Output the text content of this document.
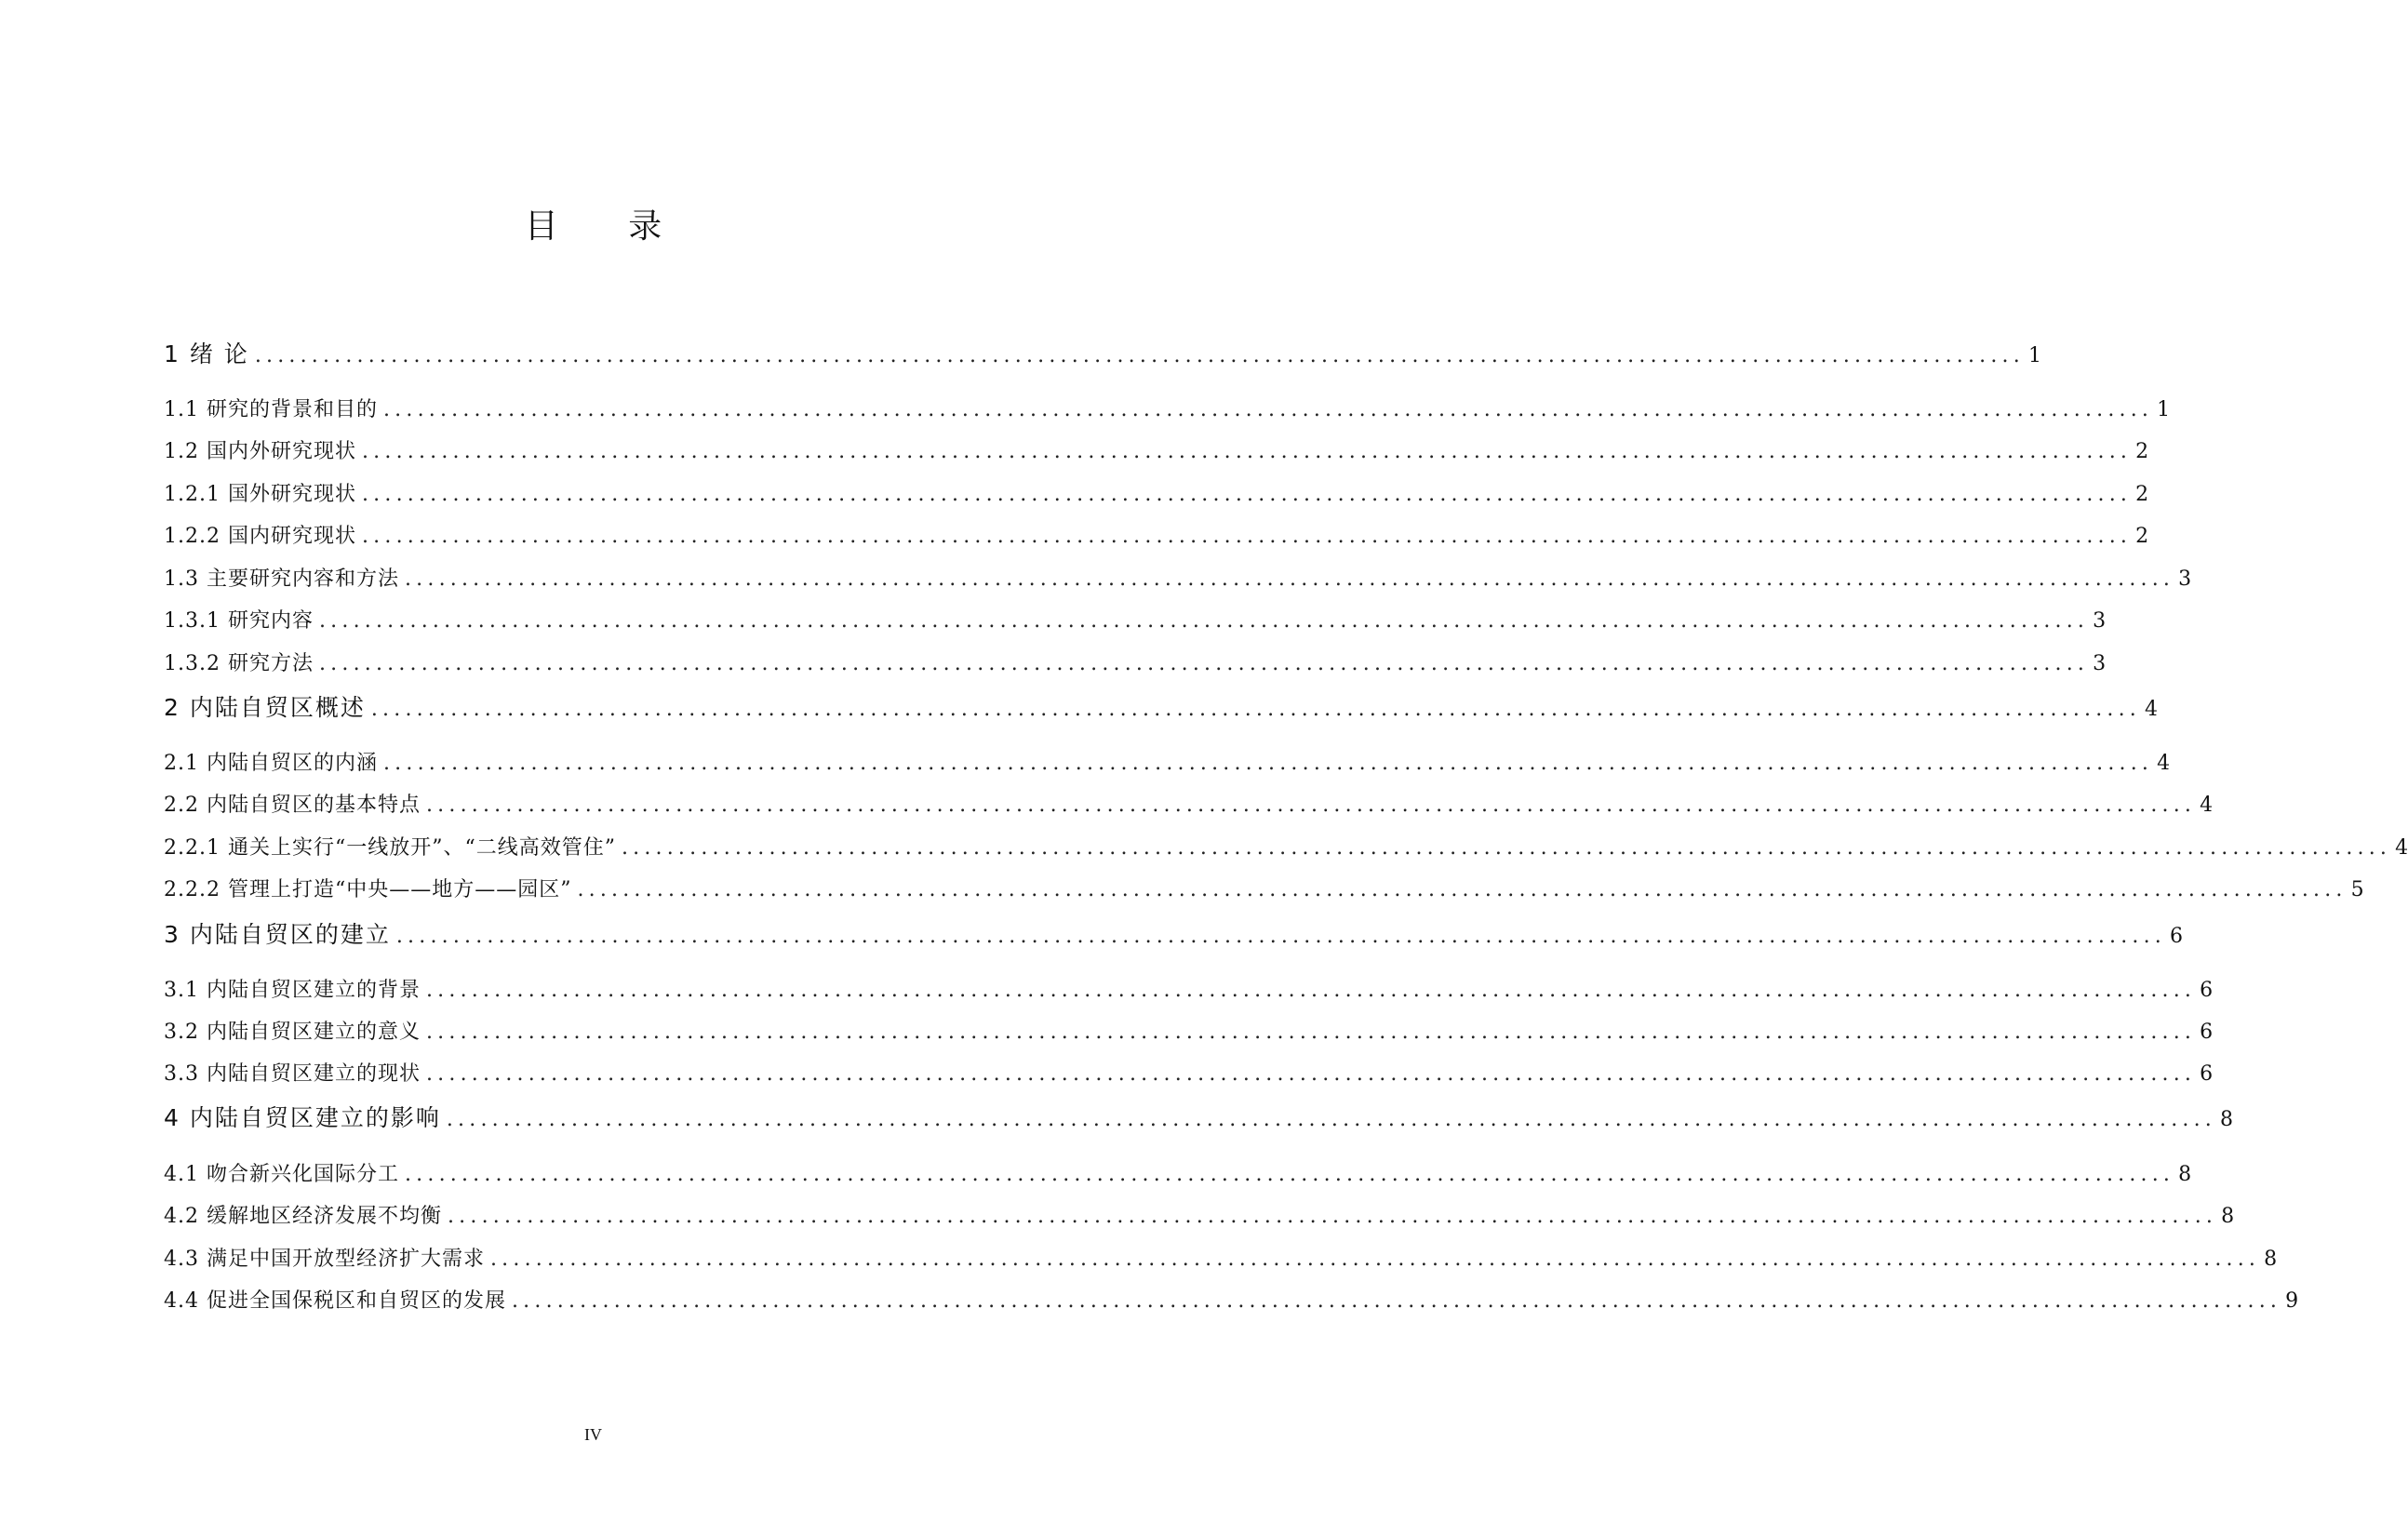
目 录
1 绪 论 ............................................................................................................................................................ 1
1.1 研究的背景和目的 ............................................................................................................................................................ 1
1.2 国内外研究现状 ............................................................................................................................................................ 2
1.2.1 国外研究现状 ............................................................................................................................................................ 2
1.2.2 国内研究现状 ............................................................................................................................................................ 2
1.3 主要研究内容和方法 ............................................................................................................................................................ 3
1.3.1 研究内容 ............................................................................................................................................................ 3
1.3.2 研究方法 ............................................................................................................................................................ 3
2 内陆自贸区概述 ............................................................................................................................................................ 4
2.1 内陆自贸区的内涵 ............................................................................................................................................................ 4
2.2 内陆自贸区的基本特点 ............................................................................................................................................................ 4
2.2.1 通关上实行“一线放开”、“二线高效管住” ............................................................................................................................................................ 4
2.2.2 管理上打造“中央——地方——园区” ............................................................................................................................................................ 5
3 内陆自贸区的建立 ............................................................................................................................................................ 6
3.1 内陆自贸区建立的背景 ............................................................................................................................................................ 6
3.2 内陆自贸区建立的意义 ............................................................................................................................................................ 6
3.3 内陆自贸区建立的现状 ............................................................................................................................................................ 6
4 内陆自贸区建立的影响 ............................................................................................................................................................ 8
4.1 吻合新兴化国际分工 ............................................................................................................................................................ 8
4.2 缓解地区经济发展不均衡 ............................................................................................................................................................ 8
4.3 满足中国开放型经济扩大需求 ............................................................................................................................................................ 8
4.4 促进全国保税区和自贸区的发展 ............................................................................................................................................................ 9
IV
